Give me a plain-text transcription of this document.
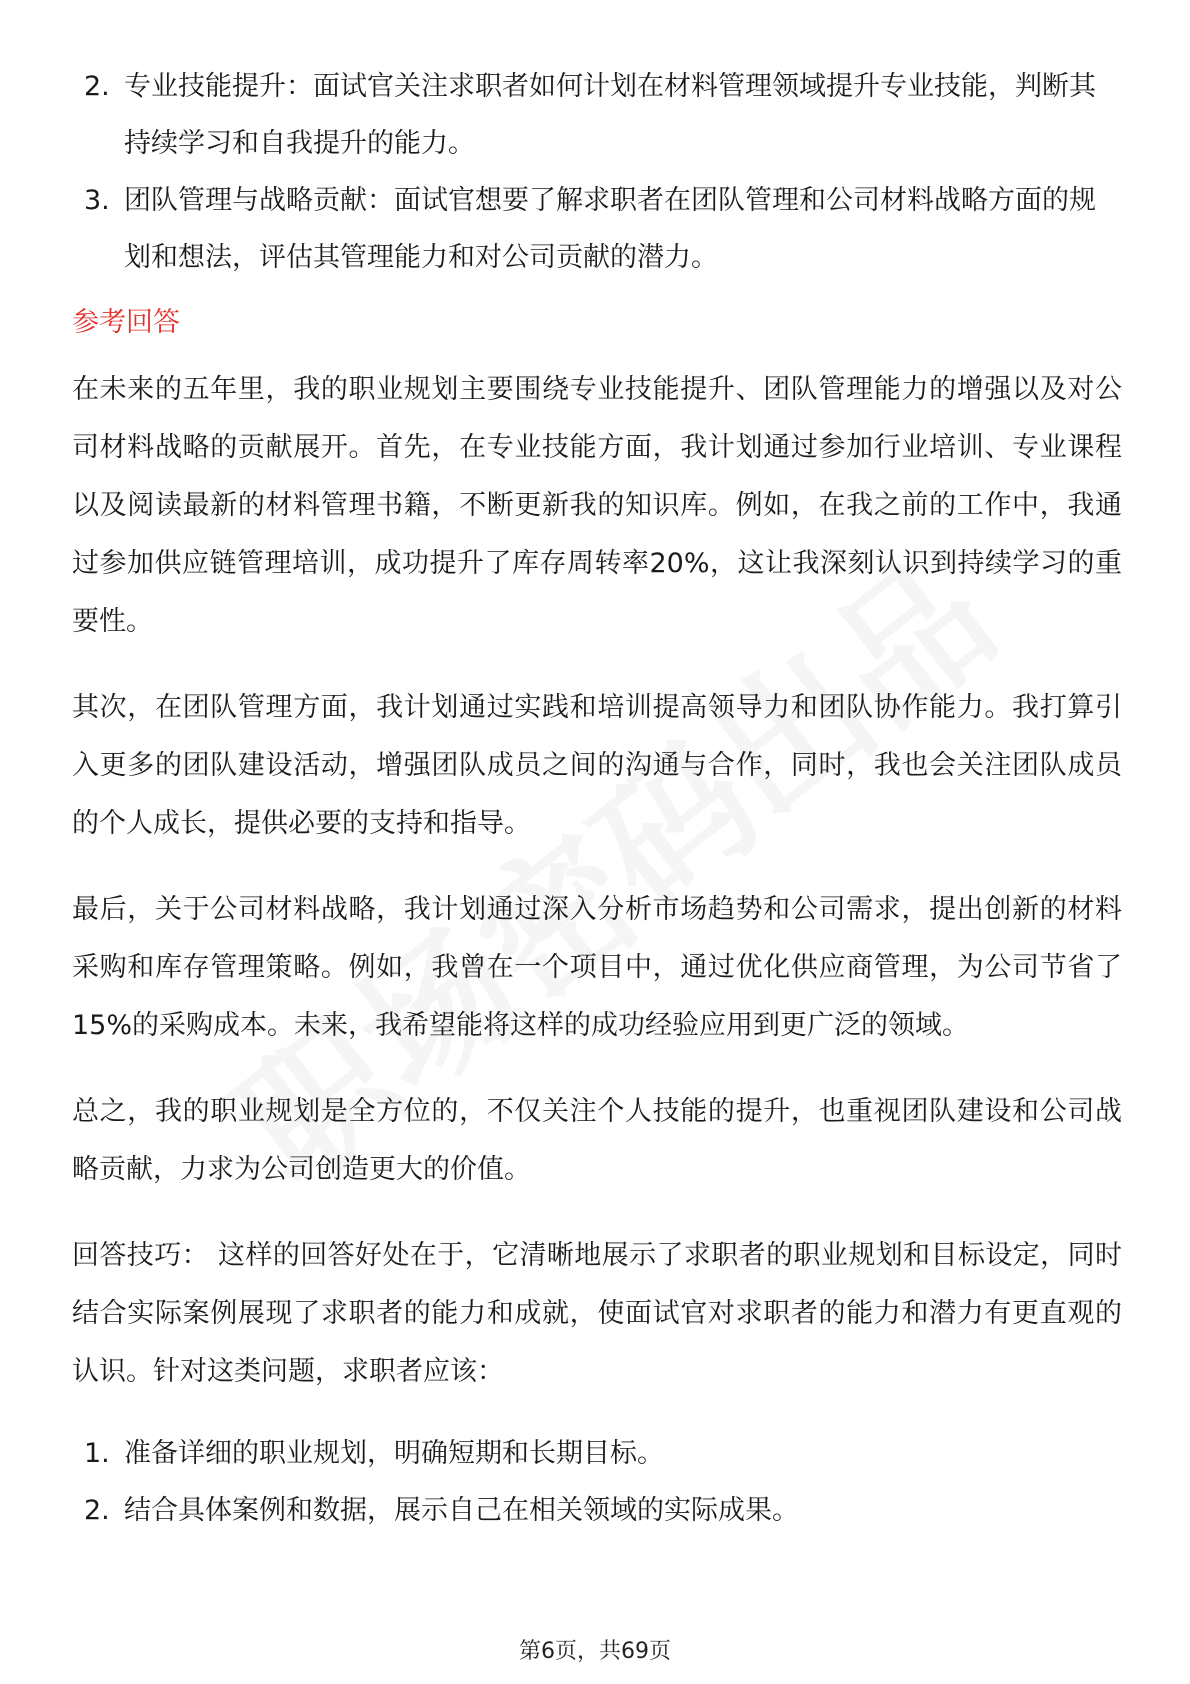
2. 专业技能提升：面试官关注求职者如何计划在材料管理领域提升专业技能，判断其持续学习和自我提升的能力。
3. 团队管理与战略贡献：面试官想要了解求职者在团队管理和公司材料战略方面的规划和想法，评估其管理能力和对公司贡献的潜力。
参考回答

在未来的五年里，我的职业规划主要围绕专业技能提升、团队管理能力的增强以及对公司材料战略的贡献展开。首先，在专业技能方面，我计划通过参加行业培训、专业课程以及阅读最新的材料管理书籍，不断更新我的知识库。例如，在我之前的工作中，我通过参加供应链管理培训，成功提升了库存周转率20%，这让我深刻认识到持续学习的重要性。

其次，在团队管理方面，我计划通过实践和培训提高领导力和团队协作能力。我打算引入更多的团队建设活动，增强团队成员之间的沟通与合作，同时，我也会关注团队成员的个人成长，提供必要的支持和指导。

最后，关于公司材料战略，我计划通过深入分析市场趋势和公司需求，提出创新的材料采购和库存管理策略。例如，我曾在一个项目中，通过优化供应商管理，为公司节省了15%的采购成本。未来，我希望能将这样的成功经验应用到更广泛的领域。

总之，我的职业规划是全方位的，不仅关注个人技能的提升，也重视团队建设和公司战略贡献，力求为公司创造更大的价值。

回答技巧： 这样的回答好处在于，它清晰地展示了求职者的职业规划和目标设定，同时结合实际案例展现了求职者的能力和成就，使面试官对求职者的能力和潜力有更直观的认识。针对这类问题，求职者应该：

1. 准备详细的职业规划，明确短期和长期目标。
2. 结合具体案例和数据，展示自己在相关领域的实际成果。
第6页，共69页
